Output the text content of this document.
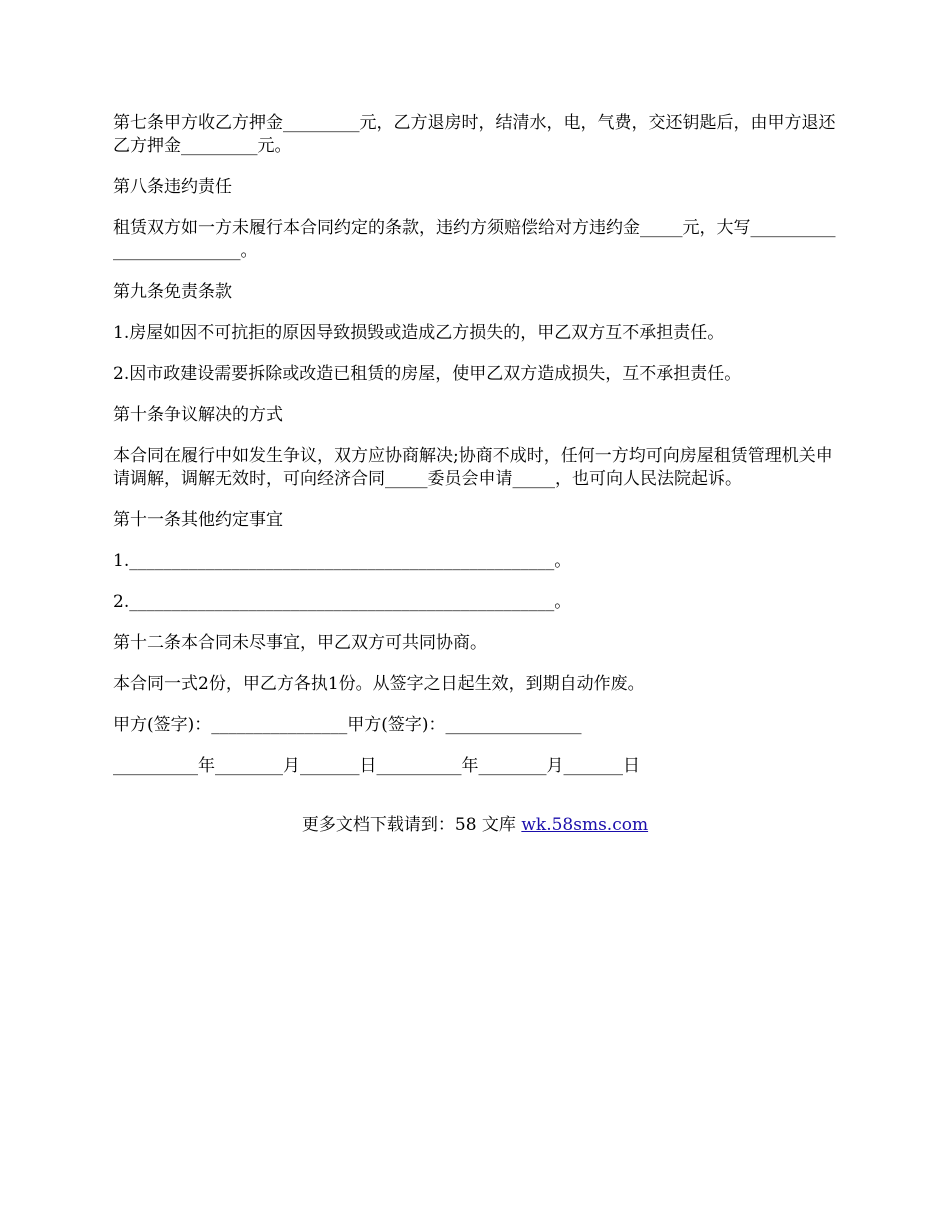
第七条甲方收乙方押金_________元，乙方退房时，结清水，电，气费，交还钥匙后，由甲方退还乙方押金_________元。

第八条违约责任

租赁双方如一方未履行本合同约定的条款，违约方须赔偿给对方违约金_____元，大写_________________________。

第九条免责条款

1.房屋如因不可抗拒的原因导致损毁或造成乙方损失的，甲乙双方互不承担责任。

2.因市政建设需要拆除或改造已租赁的房屋，使甲乙双方造成损失，互不承担责任。

第十条争议解决的方式

本合同在履行中如发生争议，双方应协商解决;协商不成时，任何一方均可向房屋租赁管理机关申请调解，调解无效时，可向经济合同_____委员会申请_____，也可向人民法院起诉。

第十一条其他约定事宜

1.__________________________________________________。

2.__________________________________________________。

第十二条本合同未尽事宜，甲乙双方可共同协商。

本合同一式2份，甲乙方各执1份。从签字之日起生效，到期自动作废。

甲方(签字)：________________甲方(签字)：________________

__________年________月_______日__________年________月_______日

更多文档下载请到：58 文库 wk.58sms.com
